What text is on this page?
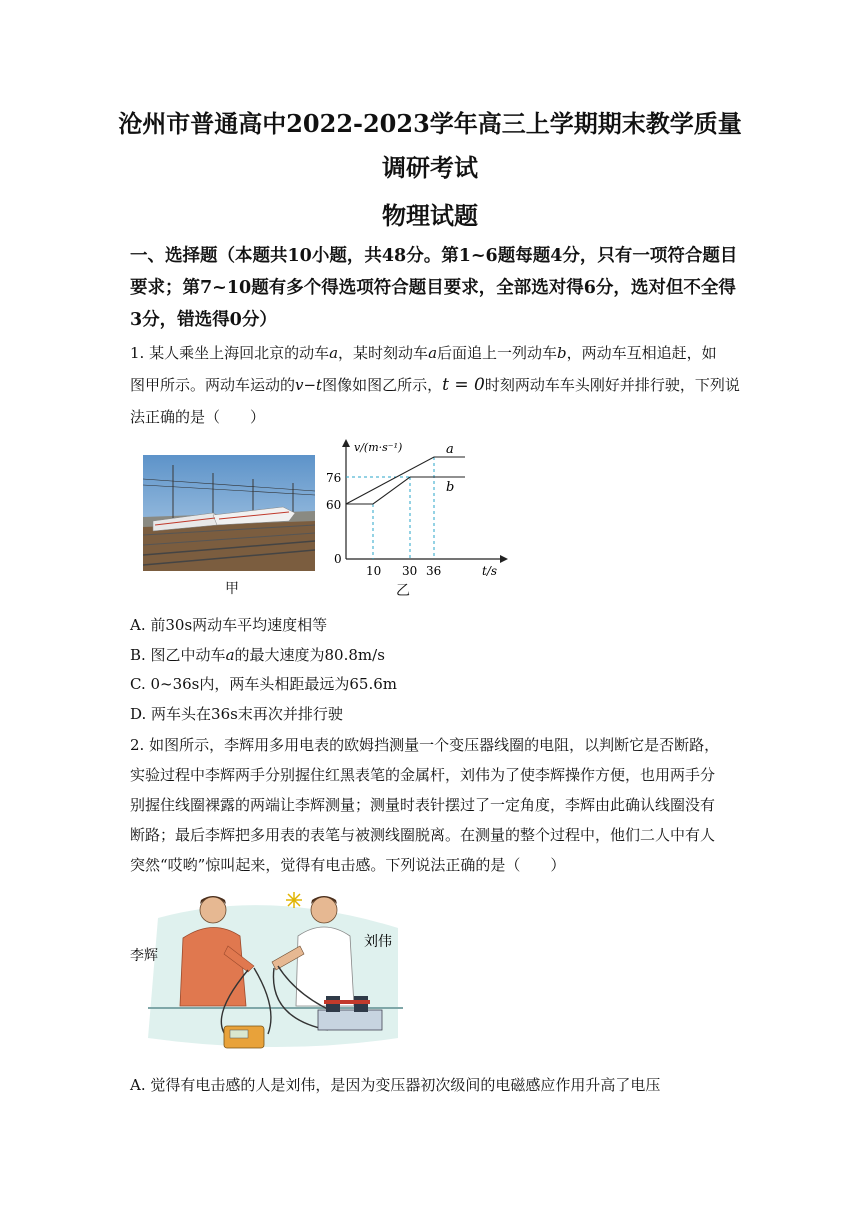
沧州市普通高中2022-2023学年高三上学期期末教学质量
调研考试
物理试题
一、选择题（本题共10小题，共48分。第1~6题每题4分，只有一项符合题目
要求；第7~10题有多个得选项符合题目要求，全部选对得6分，选对但不全得
3分，错选得0分）
1. 某人乘坐上海回北京的动车a，某时刻动车a后面追上一列动车b，两动车互相追赶，如
图甲所示。两动车运动的v−t图像如图乙所示，t = 0时刻两动车车头刚好并排行驶，下列说
法正确的是（　　）
甲
v/(m·s⁻¹)
t/s
76
60
0
10 30 36
a
b
乙
A. 前30s两动车平均速度相等
B. 图乙中动车a的最大速度为80.8m/s
C. 0~36s内，两车头相距最远为65.6m
D. 两车头在36s末再次并排行驶
2. 如图所示，李辉用多用电表的欧姆挡测量一个变压器线圈的电阻，以判断它是否断路，
实验过程中李辉两手分别握住红黑表笔的金属杆，刘伟为了使李辉操作方便，也用两手分
别握住线圈裸露的两端让李辉测量；测量时表针摆过了一定角度，李辉由此确认线圈没有
断路；最后李辉把多用表的表笔与被测线圈脱离。在测量的整个过程中，他们二人中有人
突然“哎哟”惊叫起来，觉得有电击感。下列说法正确的是（　　）
李辉
刘伟
A. 觉得有电击感的人是刘伟，是因为变压器初次级间的电磁感应作用升高了电压
